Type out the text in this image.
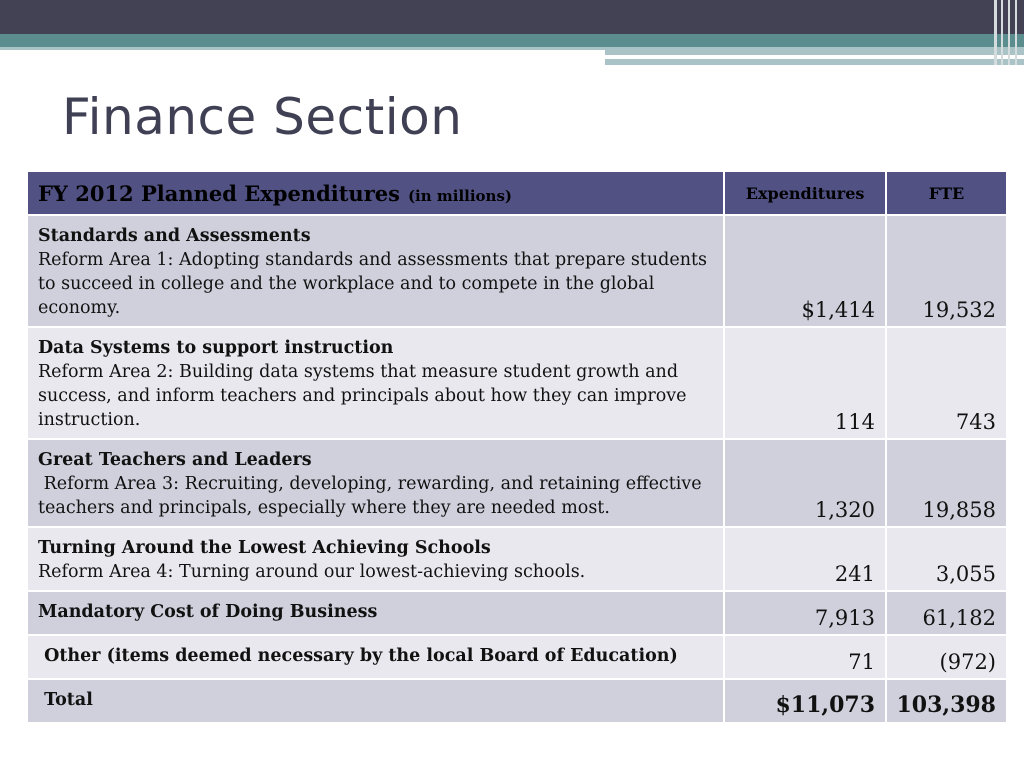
Finance Section
FY 2012 Planned Expenditures (in millions)	Expenditures	FTE

Standards and Assessments
Reform Area 1: Adopting standards and assessments that prepare students to succeed in college and the workplace and to compete in the global economy.	$1,414	19,532

Data Systems to support instruction
Reform Area 2: Building data systems that measure student growth and success, and inform teachers and principals about how they can improve instruction.	114	743

Great Teachers and Leaders
Reform Area 3: Recruiting, developing, rewarding, and retaining effective teachers and principals, especially where they are needed most.	1,320	19,858

Turning Around the Lowest Achieving Schools
Reform Area 4: Turning around our lowest-achieving schools.	241	3,055

Mandatory Cost of Doing Business	7,913	61,182

Other (items deemed necessary by the local Board of Education)	71	(972)

Total	$11,073	103,398
